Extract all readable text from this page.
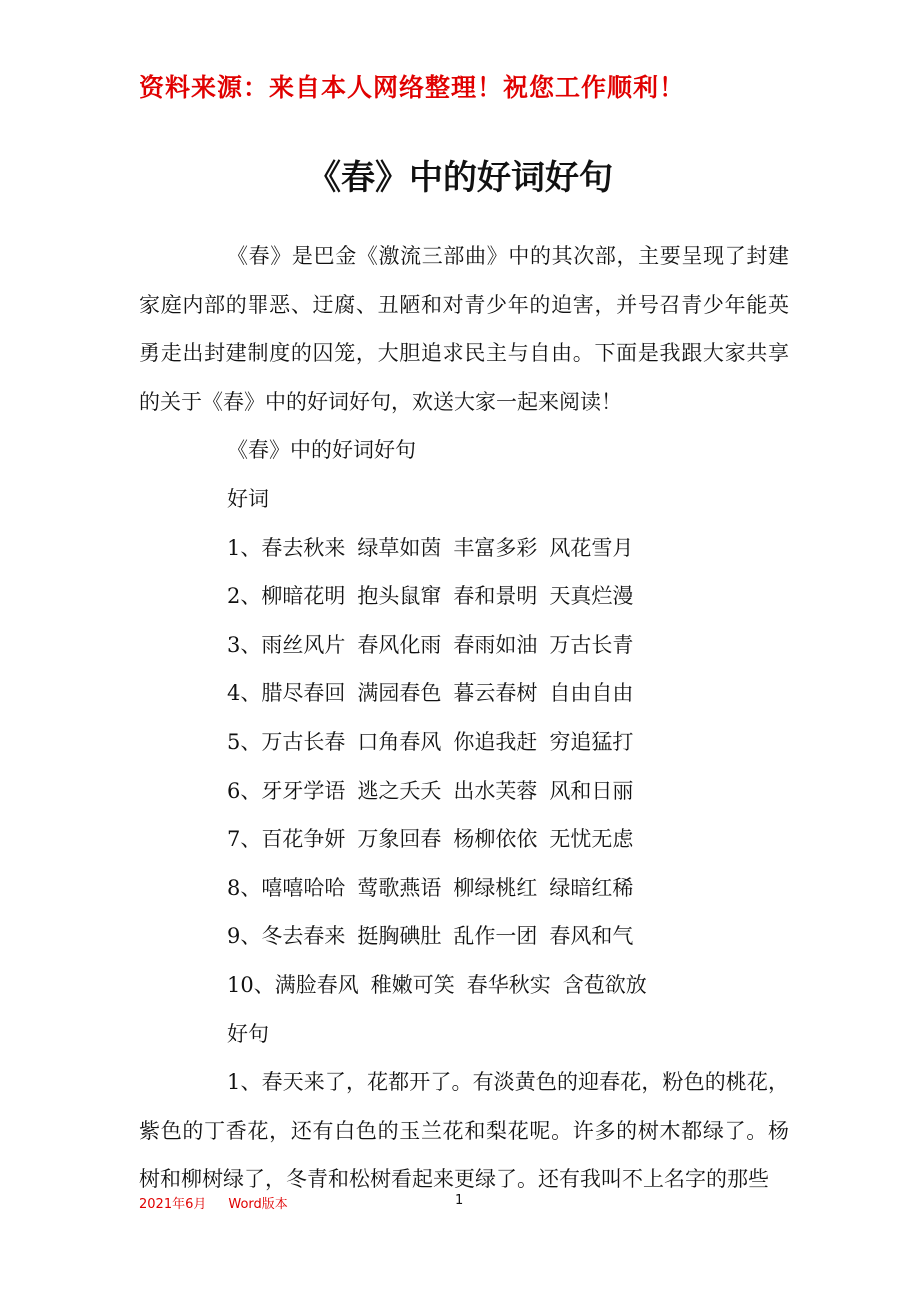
资料来源：来自本人网络整理！祝您工作顺利！
《春》中的好词好句

《春》是巴金《激流三部曲》中的其次部，主要呈现了封建家庭内部的罪恶、迂腐、丑陋和对青少年的迫害，并号召青少年能英勇走出封建制度的囚笼，大胆追求民主与自由。下面是我跟大家共享的关于《春》中的好词好句，欢送大家一起来阅读！

《春》中的好词好句

好词

1、春去秋来 绿草如茵 丰富多彩 风花雪月

2、柳暗花明 抱头鼠窜 春和景明 天真烂漫

3、雨丝风片 春风化雨 春雨如油 万古长青

4、腊尽春回 满园春色 暮云春树 自由自由

5、万古长春 口角春风 你追我赶 穷追猛打

6、牙牙学语 逃之夭夭 出水芙蓉 风和日丽

7、百花争妍 万象回春 杨柳依依 无忧无虑

8、嘻嘻哈哈 莺歌燕语 柳绿桃红 绿暗红稀

9、冬去春来 挺胸碘肚 乱作一团 春风和气

10、满脸春风 稚嫩可笑 春华秋实 含苞欲放

好句

1、春天来了，花都开了。有淡黄色的迎春花，粉色的桃花，紫色的丁香花，还有白色的玉兰花和梨花呢。许多的树木都绿了。杨树和柳树绿了，冬青和松树看起来更绿了。还有我叫不上名字的那些

2021年6月 Word版本	1
